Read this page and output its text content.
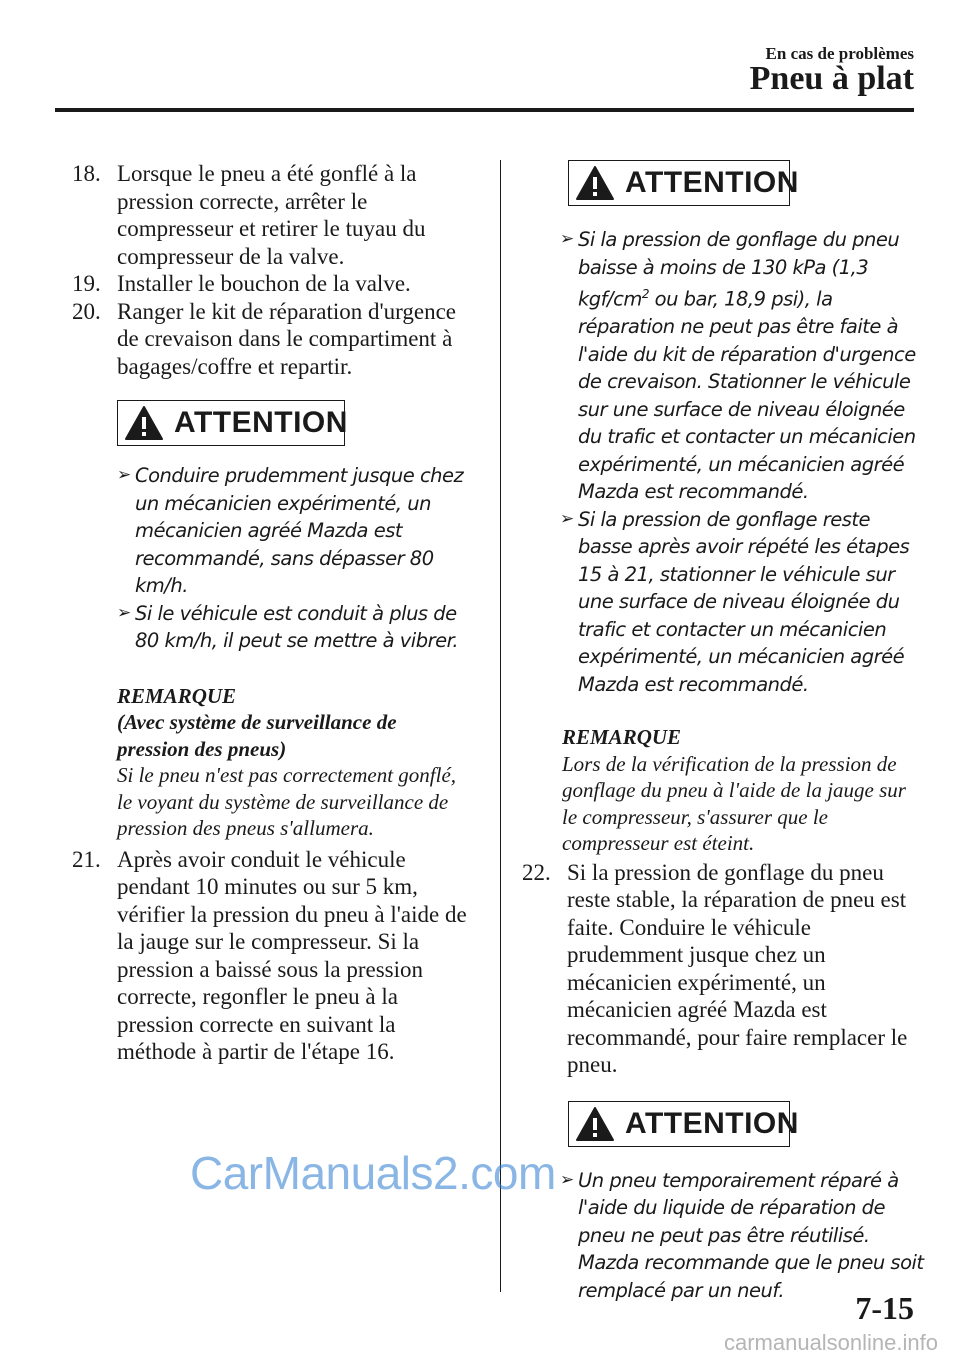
En cas de problèmes
Pneu à plat

18. Lorsque le pneu a été gonflé à la pression correcte, arrêter le compresseur et retirer le tuyau du compresseur de la valve.

19. Installer le bouchon de la valve.

20. Ranger le kit de réparation d'urgence de crevaison dans le compartiment à bagages/coffre et repartir.

ATTENTION
➢ Conduire prudemment jusque chez un mécanicien expérimenté, un mécanicien agréé Mazda est recommandé, sans dépasser 80 km/h.
➢ Si le véhicule est conduit à plus de 80 km/h, il peut se mettre à vibrer.
REMARQUE
(Avec système de surveillance de pression des pneus)
Si le pneu n'est pas correctement gonflé, le voyant du système de surveillance de pression des pneus s'allumera.

21. Après avoir conduit le véhicule pendant 10 minutes ou sur 5 km, vérifier la pression du pneu à l'aide de la jauge sur le compresseur. Si la pression a baissé sous la pression correcte, regonfler le pneu à la pression correcte en suivant la méthode à partir de l'étape 16.

ATTENTION
➢ Si la pression de gonflage du pneu baisse à moins de 130 kPa (1,3 kgf/$cm^2$ ou bar, 18,9 psi), la réparation ne peut pas être faite à l'aide du kit de réparation d'urgence de crevaison. Stationner le véhicule sur une surface de niveau éloignée du trafic et contacter un mécanicien expérimenté, un mécanicien agréé Mazda est recommandé.
➢ Si la pression de gonflage reste basse après avoir répété les étapes 15 à 21, stationner le véhicule sur une surface de niveau éloignée du trafic et contacter un mécanicien expérimenté, un mécanicien agréé Mazda est recommandé.
REMARQUE
Lors de la vérification de la pression de gonflage du pneu à l'aide de la jauge sur le compresseur, s'assurer que le compresseur est éteint.

22. Si la pression de gonflage du pneu reste stable, la réparation de pneu est faite. Conduire le véhicule prudemment jusque chez un mécanicien expérimenté, un mécanicien agréé Mazda est recommandé, pour faire remplacer le pneu.

ATTENTION
➢ Un pneu temporairement réparé à l'aide du liquide de réparation de pneu ne peut pas être réutilisé. Mazda recommande que le pneu soit remplacé par un neuf.
CarManuals2.com
7-15
carmanualsonline.info
